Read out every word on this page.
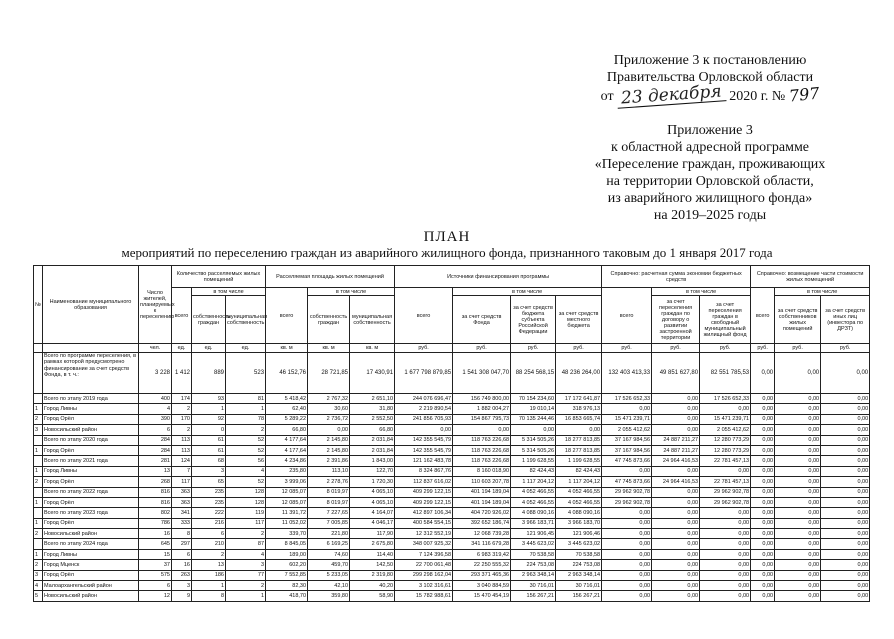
Приложение 3 к постановлению
Правительства Орловской области
от 23 декабря 2020 г. № 797
Приложение 3
к областной адресной программе
«Переселение граждан, проживающих
на территории Орловской области,
из аварийного жилищного фонда»
на 2019–2025 годы
ПЛАН
мероприятий по переселению граждан из аварийного жилищного фонда, признанного таковым до 1 января 2017 года
№	Наименование муниципального образования	Число жителей, планируемых к переселению	Количество расселяемых жилых помещений			Расселяемая площадь жилых помещений			Источники финансирования программы				Справочно: расчетная сумма экономии бюджетных средств			Справочно: возмещение части стоимости жилых помещений		
			всего	в том числе		всего	в том числе		всего	в том числе			всего	в том числе		всего	в том числе	
				собственность граждан	муниципальная собственность		собственность граждан	муниципальная собственность		за счет средств Фонда	за счет средств бюджета субъекта Российской Федерации	за счет средств местного бюджета		за счет переселения граждан по договору о развитии застроенной территории	за счет переселения граждан в свободный муниципальный жилищный фонд		за счет средств собственников жилых помещений	за счет средств иных лиц (инвестора по ДРЗТ)
		чел.	ед.	ед.	ед.	кв. м	кв. м	кв. м	руб.	руб.	руб.	руб.	руб.	руб.	руб.	руб.	руб.	руб.
	Всего по программе переселения, в рамках которой предусмотрено финансирование за счет средств Фонда, в т. ч.:	3 228	1 412	889	523	46 152,76	28 721,85	17 430,91	1 677 798 879,85	1 541 308 047,70	88 254 568,15	48 236 264,00	132 403 413,33	49 851 627,80	82 551 785,53	0,00	0,00	0,00
	Всего по этапу 2019 года	400	174	93	81	5 418,42	2 767,32	2 651,10	244 076 696,47	156 749 800,00	70 154 234,60	17 172 641,87	17 526 652,33	0,00	17 526 652,33	0,00	0,00	0,00
1	Город Ливны	4	2	1	1	62,40	30,60	31,80	2 219 890,54	1 882 004,27	19 010,14	318 976,13	0,00	0,00	0,00	0,00	0,00	0,00
2	Город Орёл	390	170	92	78	5 289,22	2 736,72	2 552,50	241 856 705,93	154 867 795,73	70 135 244,46	16 853 665,74	15 471 239,71	0,00	15 471 239,71	0,00	0,00	0,00
3	Новосильский район	6	2	0	2	66,80	0,00	66,80	0,00	0,00	0,00	0,00	2 055 412,62	0,00	2 055 412,62	0,00	0,00	0,00
	Всего по этапу 2020 года	284	113	61	52	4 177,64	2 145,80	2 031,84	142 355 545,79	118 763 226,68	5 314 505,26	18 277 813,85	37 167 984,56	24 887 211,27	12 280 773,29	0,00	0,00	0,00
1	Город Орёл	284	113	61	52	4 177,64	2 145,80	2 031,84	142 355 545,79	118 763 226,68	5 314 505,26	18 277 813,85	37 167 984,56	24 887 211,27	12 280 773,29	0,00	0,00	0,00
	Всего по этапу 2021 года	281	124	68	56	4 234,86	2 391,86	1 843,00	121 162 483,78	118 763 226,68	1 199 628,55	1 199 628,55	47 745 873,66	24 964 416,53	22 781 457,13	0,00	0,00	0,00
1	Город Ливны	13	7	3	4	235,80	113,10	122,70	8 324 867,76	8 160 018,90	82 424,43	82 424,43	0,00	0,00	0,00	0,00	0,00	0,00
2	Город Орёл	268	117	65	52	3 999,06	2 278,76	1 720,30	112 837 616,02	110 603 207,78	1 117 204,12	1 117 204,12	47 745 873,66	24 964 416,53	22 781 457,13	0,00	0,00	0,00
	Всего по этапу 2022 года	816	363	235	128	12 085,07	8 019,97	4 065,10	409 299 122,15	401 194 189,04	4 052 466,55	4 052 466,55	29 962 902,78	0,00	29 962 902,78	0,00	0,00	0,00
1	Город Орёл	816	363	235	128	12 085,07	8 019,97	4 065,10	409 299 122,15	401 194 189,04	4 052 466,55	4 052 466,55	29 962 902,78	0,00	29 962 902,78	0,00	0,00	0,00
	Всего по этапу 2023 года	802	341	222	119	11 391,72	7 227,65	4 164,07	412 897 106,34	404 720 926,02	4 088 090,16	4 088 090,16	0,00	0,00	0,00	0,00	0,00	0,00
1	Город Орёл	786	333	216	117	11 052,02	7 005,85	4 046,17	400 584 554,15	392 652 186,74	3 966 183,71	3 966 183,70	0,00	0,00	0,00	0,00	0,00	0,00
2	Новосильский район	16	8	6	2	339,70	221,80	117,90	12 312 552,19	12 068 739,28	121 906,45	121 906,46	0,00	0,00	0,00	0,00	0,00	0,00
	Всего по этапу 2024 года	645	297	210	87	8 845,05	6 169,25	2 675,80	348 007 925,32	341 116 679,28	3 445 623,02	3 445 623,02	0,00	0,00	0,00	0,00	0,00	0,00
1	Город Ливны	15	6	2	4	189,00	74,60	114,40	7 124 396,58	6 983 319,42	70 538,58	70 538,58	0,00	0,00	0,00	0,00	0,00	0,00
2	Город Мценск	37	16	13	3	602,20	459,70	142,50	22 700 061,48	22 250 555,32	224 753,08	224 753,08	0,00	0,00	0,00	0,00	0,00	0,00
3	Город Орёл	575	263	186	77	7 552,85	5 233,05	2 319,80	299 298 162,04	293 371 465,36	2 963 348,14	2 963 348,14	0,00	0,00	0,00	0,00	0,00	0,00
4	Малоархангельский район	6	3	1	2	82,30	42,10	40,20	3 102 316,61	3 040 884,59	30 716,01	30 716,01	0,00	0,00	0,00	0,00	0,00	0,00
5	Новосильский район	12	9	8	1	418,70	359,80	58,90	15 782 988,61	15 470 454,19	156 267,21	156 267,21	0,00	0,00	0,00	0,00	0,00	0,00
